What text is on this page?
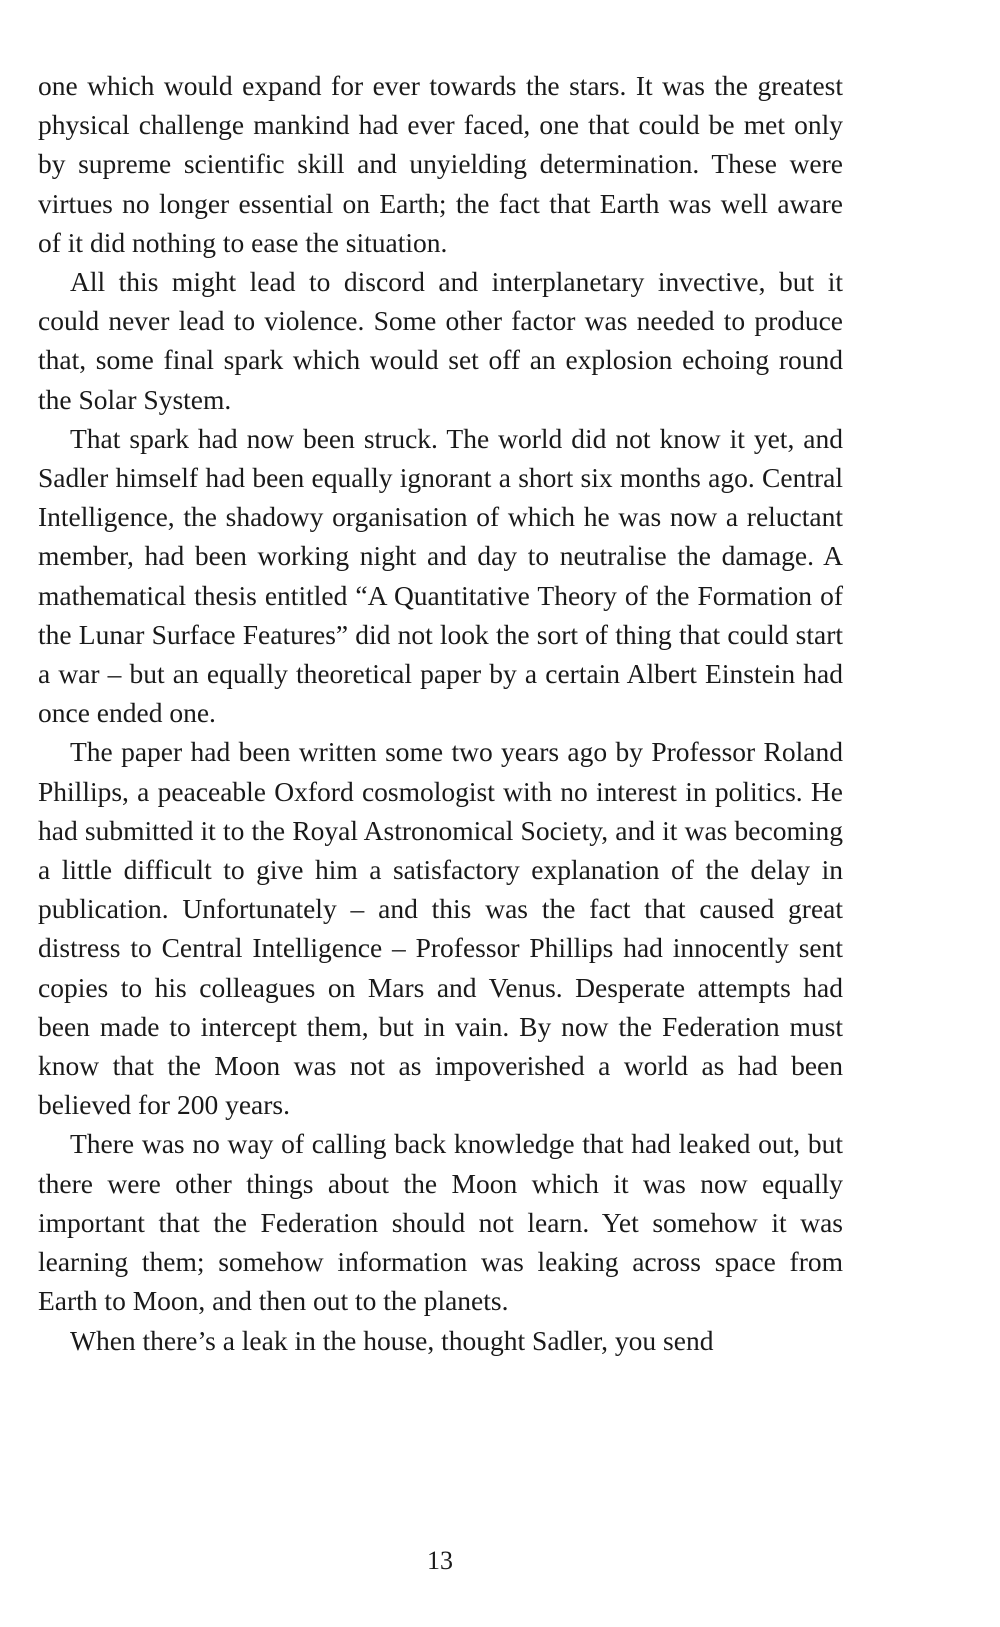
one which would expand for ever towards the stars. It was the greatest physical challenge mankind had ever faced, one that could be met only by supreme scientific skill and unyielding determination. These were virtues no longer essential on Earth; the fact that Earth was well aware of it did nothing to ease the situation.

All this might lead to discord and interplanetary invective, but it could never lead to violence. Some other factor was needed to produce that, some final spark which would set off an explosion echoing round the Solar System.

That spark had now been struck. The world did not know it yet, and Sadler himself had been equally ignorant a short six months ago. Central Intelligence, the shadowy organisation of which he was now a reluctant member, had been working night and day to neutralise the damage. A mathematical thesis entitled “A Quantitative Theory of the Formation of the Lunar Surface Features” did not look the sort of thing that could start a war – but an equally theoretical paper by a certain Albert Einstein had once ended one.

The paper had been written some two years ago by Professor Roland Phillips, a peaceable Oxford cosmologist with no interest in politics. He had submitted it to the Royal Astronomical Society, and it was becoming a little difficult to give him a satisfactory explanation of the delay in publication. Unfortunately – and this was the fact that caused great distress to Central Intelligence – Professor Phillips had innocently sent copies to his colleagues on Mars and Venus. Desperate attempts had been made to intercept them, but in vain. By now the Federation must know that the Moon was not as impoverished a world as had been believed for 200 years.

There was no way of calling back knowledge that had leaked out, but there were other things about the Moon which it was now equally important that the Federation should not learn. Yet somehow it was learning them; somehow information was leaking across space from Earth to Moon, and then out to the planets.

When there’s a leak in the house, thought Sadler, you send

13
